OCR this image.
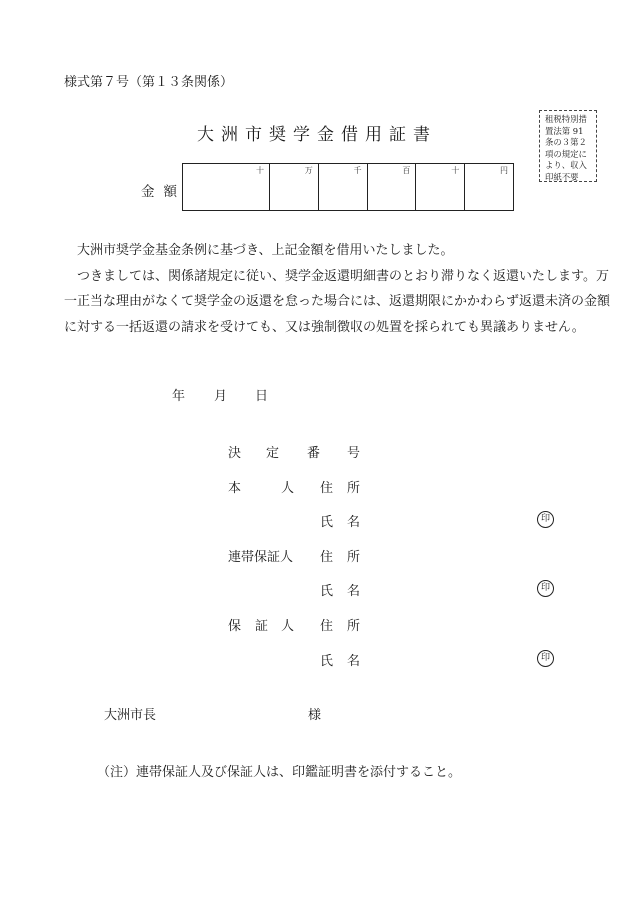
様式第７号（第１３条関係）
大洲市奨学金借用証書
租税特別措
置法第 91
条の３第２
項の規定に
より、収入
印紙不要
金額
十	万	千	百	十	円

大洲市奨学金基金条例に基づき、上記金額を借用いたしました。

つきましては、関係諸規定に従い、奨学金返還明細書のとおり滞りなく返還いたします。万一正当な理由がなくて奨学金の返還を怠った場合には、返還期限にかかわらず返還未済の金額に対する一括返還の請求を受けても、又は強制徴収の処置を採られても異議ありません。

年 月 日
決 定 番 号
本	人 住 所
氏 名	印
連帯保証人 住 所
氏 名	印
保 証 人 住 所
氏 名	印
大洲市長	様
（注）連帯保証人及び保証人は、印鑑証明書を添付すること。
